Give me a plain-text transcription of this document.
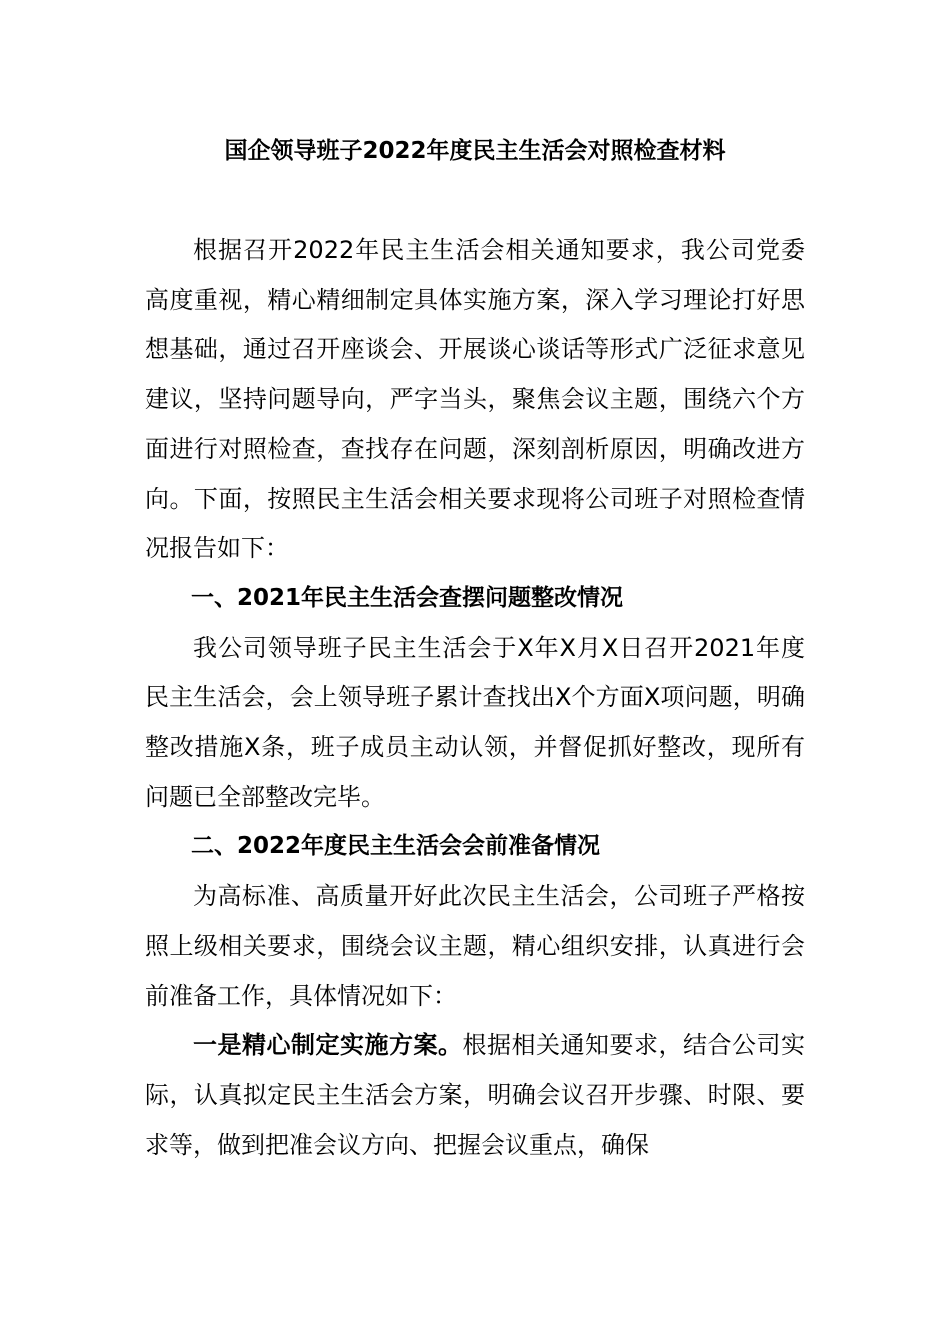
国企领导班子2022年度民主生活会对照检查材料

根据召开2022年民主生活会相关通知要求，我公司党委高度重视，精心精细制定具体实施方案，深入学习理论打好思想基础，通过召开座谈会、开展谈心谈话等形式广泛征求意见建议，坚持问题导向，严字当头，聚焦会议主题，围绕六个方面进行对照检查，查找存在问题，深刻剖析原因，明确改进方向。下面，按照民主生活会相关要求现将公司班子对照检查情况报告如下：

一、2021年民主生活会查摆问题整改情况

我公司领导班子民主生活会于X年X月X日召开2021年度民主生活会，会上领导班子累计查找出X个方面X项问题，明确整改措施X条，班子成员主动认领，并督促抓好整改，现所有问题已全部整改完毕。

二、2022年度民主生活会会前准备情况

为高标准、高质量开好此次民主生活会，公司班子严格按照上级相关要求，围绕会议主题，精心组织安排，认真进行会前准备工作，具体情况如下：

一是精心制定实施方案。根据相关通知要求，结合公司实际，认真拟定民主生活会方案，明确会议召开步骤、时限、要求等，做到把准会议方向、把握会议重点，确保
